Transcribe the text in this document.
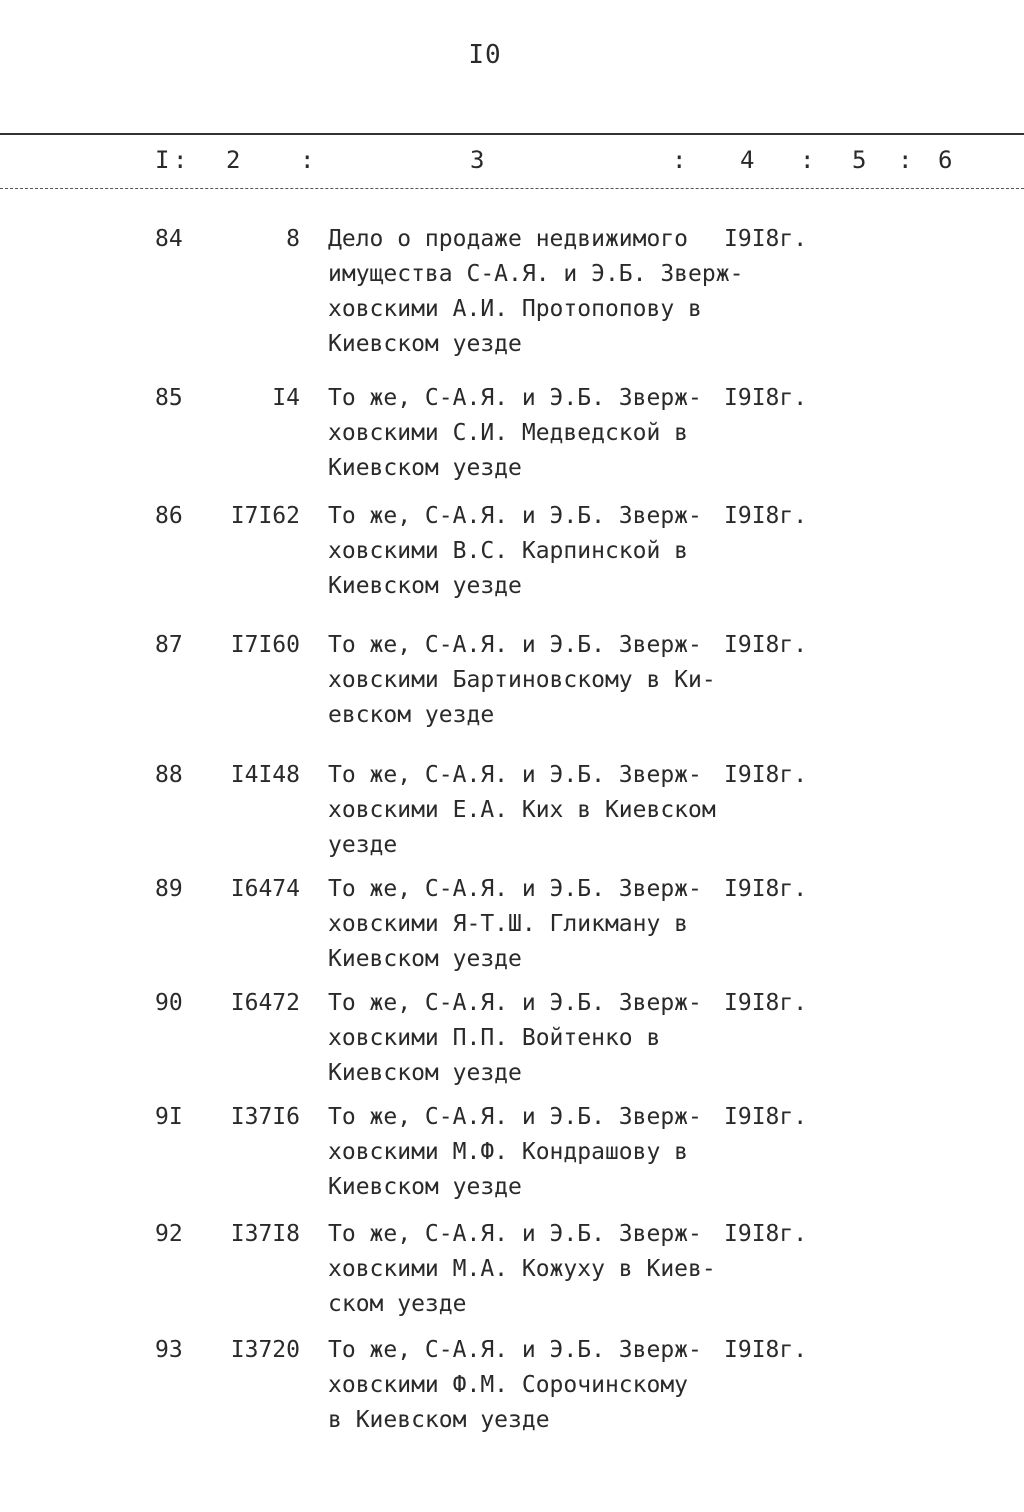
I0
I : 2 :	3	: 4 : 5 : 6
84	8 Дело о продаже недвижимого
имущества С-А.Я. и Э.Б. Зверж-
ховскими А.И. Протопопову в
Киевском уезде
I9I8г.
85	I4 То же, С-А.Я. и Э.Б. Зверж-
ховскими С.И. Медведской в
Киевском уезде
I9I8г.
86	I7I62 То же, С-А.Я. и Э.Б. Зверж-
ховскими В.С. Карпинской в
Киевском уезде
I9I8г.
87	I7I60 То же, С-А.Я. и Э.Б. Зверж-
ховскими Бартиновскому в Ки-
евском уезде
I9I8г.
88	I4I48 То же, С-А.Я. и Э.Б. Зверж-
ховскими Е.А. Ких в Киевском
уезде
I9I8г.
89	I6474 То же, С-А.Я. и Э.Б. Зверж-
ховскими Я-Т.Ш. Гликману в
Киевском уезде
I9I8г.
90	I6472 То же, С-А.Я. и Э.Б. Зверж-
ховскими П.П. Войтенко в
Киевском уезде
I9I8г.
9I	I37I6 То же, С-А.Я. и Э.Б. Зверж-
ховскими М.Ф. Кондрашову в
Киевском уезде
I9I8г.
92	I37I8 То же, С-А.Я. и Э.Б. Зверж-
ховскими М.А. Кожуху в Киев-
ском уезде
I9I8г.
93	I3720 То же, С-А.Я. и Э.Б. Зверж-
ховскими Ф.М. Сорочинскому
в Киевском уезде
I9I8г.
